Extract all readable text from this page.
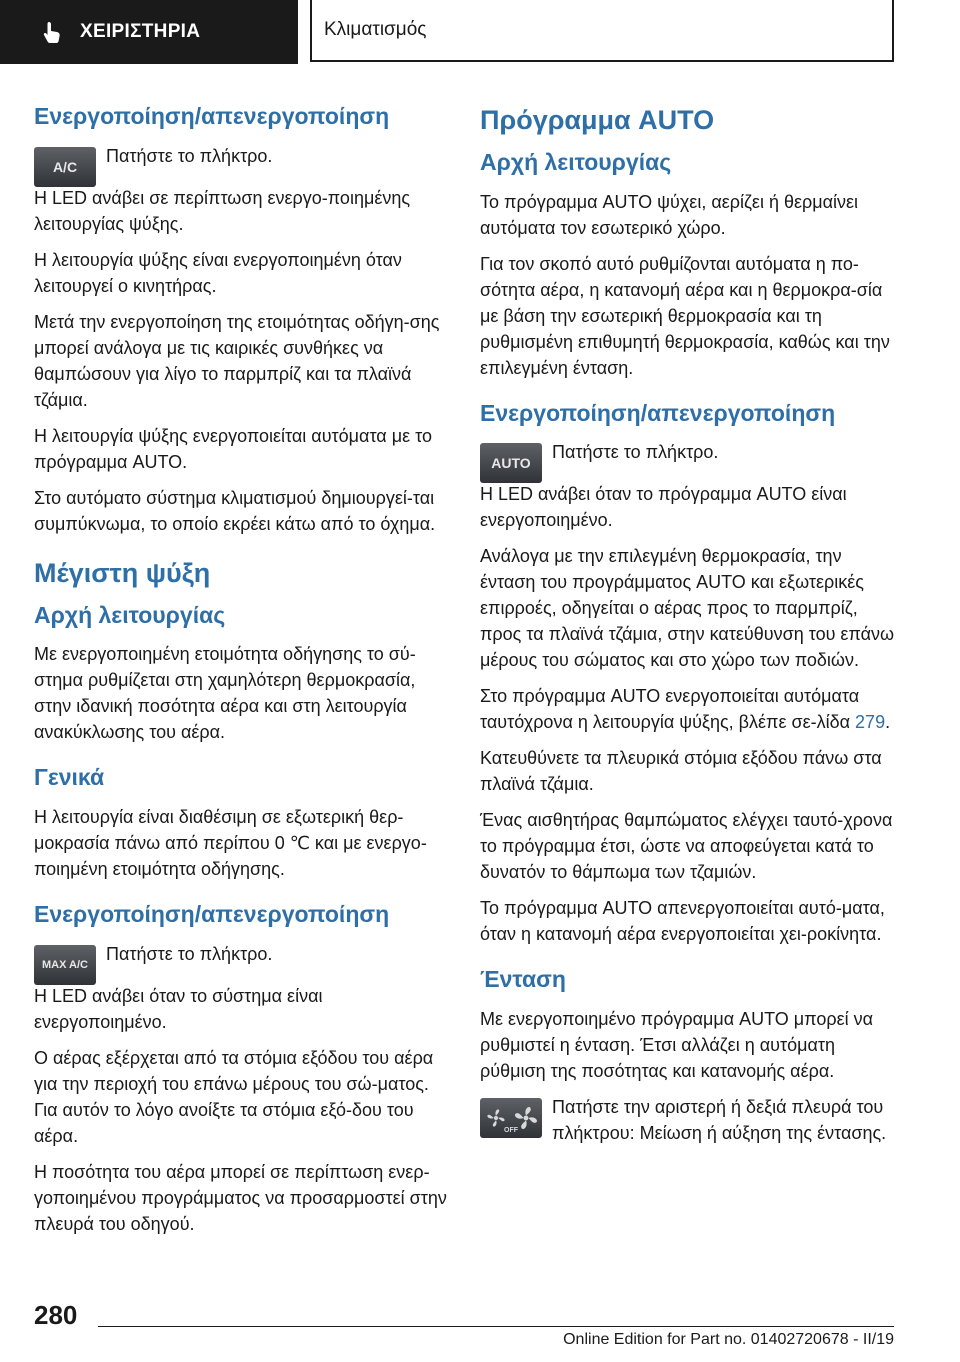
ΧΕΙΡΙΣΤΗΡΙΑ	Κλιματισμός
Ενεργοποίηση/απενεργοποίηση
A/C

Πατήστε το πλήκτρο.

Η LED ανάβει σε περίπτωση ενεργο‐ποιημένης λειτουργίας ψύξης.

Η λειτουργία ψύξης είναι ενεργοποιημένη όταν λειτουργεί ο κινητήρας.

Μετά την ενεργοποίηση της ετοιμότητας οδήγη‐σης μπορεί ανάλογα με τις καιρικές συνθήκες να θαμπώσουν για λίγο το παρμπρίζ και τα πλαϊνά τζάμια.

Η λειτουργία ψύξης ενεργοποιείται αυτόματα με το πρόγραμμα AUTO.

Στο αυτόματο σύστημα κλιματισμού δημιουργεί‐ται συμπύκνωμα, το οποίο εκρέει κάτω από το όχημα.

Μέγιστη ψύξη
Αρχή λειτουργίας

Με ενεργοποιημένη ετοιμότητα οδήγησης το σύ‐στημα ρυθμίζεται στη χαμηλότερη θερμοκρασία, στην ιδανική ποσότητα αέρα και στη λειτουργία ανακύκλωσης του αέρα.

Γενικά

Η λειτουργία είναι διαθέσιμη σε εξωτερική θερ‐μοκρασία πάνω από περίπου 0 ℃ και με ενεργο‐ποιημένη ετοιμότητα οδήγησης.

Ενεργοποίηση/απενεργοποίηση
MAX A/C

Πατήστε το πλήκτρο.

Η LED ανάβει όταν το σύστημα είναι ενεργοποιημένο.

Ο αέρας εξέρχεται από τα στόμια εξόδου του αέρα για την περιοχή του επάνω μέρους του σώ‐ματος. Για αυτόν το λόγο ανοίξτε τα στόμια εξό‐δου του αέρα.

Η ποσότητα του αέρα μπορεί σε περίπτωση ενερ‐γοποιημένου προγράμματος να προσαρμοστεί στην πλευρά του οδηγού.

Πρόγραμμα AUTO
Αρχή λειτουργίας

Το πρόγραμμα AUTO ψύχει, αερίζει ή θερμαίνει αυτόματα τον εσωτερικό χώρο.

Για τον σκοπό αυτό ρυθμίζονται αυτόματα η πο‐σότητα αέρα, η κατανομή αέρα και η θερμοκρα‐σία με βάση την εσωτερική θερμοκρασία και τη ρυθμισμένη επιθυμητή θερμοκρασία, καθώς και την επιλεγμένη ένταση.

Ενεργοποίηση/απενεργοποίηση
AUTO

Πατήστε το πλήκτρο.

Η LED ανάβει όταν το πρόγραμμα AUTO είναι ενεργοποιημένο.

Ανάλογα με την επιλεγμένη θερμοκρασία, την ένταση του προγράμματος AUTO και εξωτερικές επιρροές, οδηγείται ο αέρας προς το παρμπρίζ, προς τα πλαϊνά τζάμια, στην κατεύθυνση του επάνω μέρους του σώματος και στο χώρο των ποδιών.

Στο πρόγραμμα AUTO ενεργοποιείται αυτόματα ταυτόχρονα η λειτουργία ψύξης, βλέπε σε‐λίδα 279.

Κατευθύνετε τα πλευρικά στόμια εξόδου πάνω στα πλαϊνά τζάμια.

Ένας αισθητήρας θαμπώματος ελέγχει ταυτό‐χρονα το πρόγραμμα έτσι, ώστε να αποφεύγεται κατά το δυνατόν το θάμπωμα των τζαμιών.

Το πρόγραμμα AUTO απενεργοποιείται αυτό‐ματα, όταν η κατανομή αέρα ενεργοποιείται χει‐ροκίνητα.

Ένταση

Με ενεργοποιημένο πρόγραμμα AUTO μπορεί να ρυθμιστεί η ένταση. Έτσι αλλάζει η αυτόματη ρύθμιση της ποσότητας και κατανομής αέρα.

OFF

Πατήστε την αριστερή ή δεξιά πλευρά του πλήκτρου: Μείωση ή αύξηση της έντασης.

280
Online Edition for Part no. 01402720678 - II/19
